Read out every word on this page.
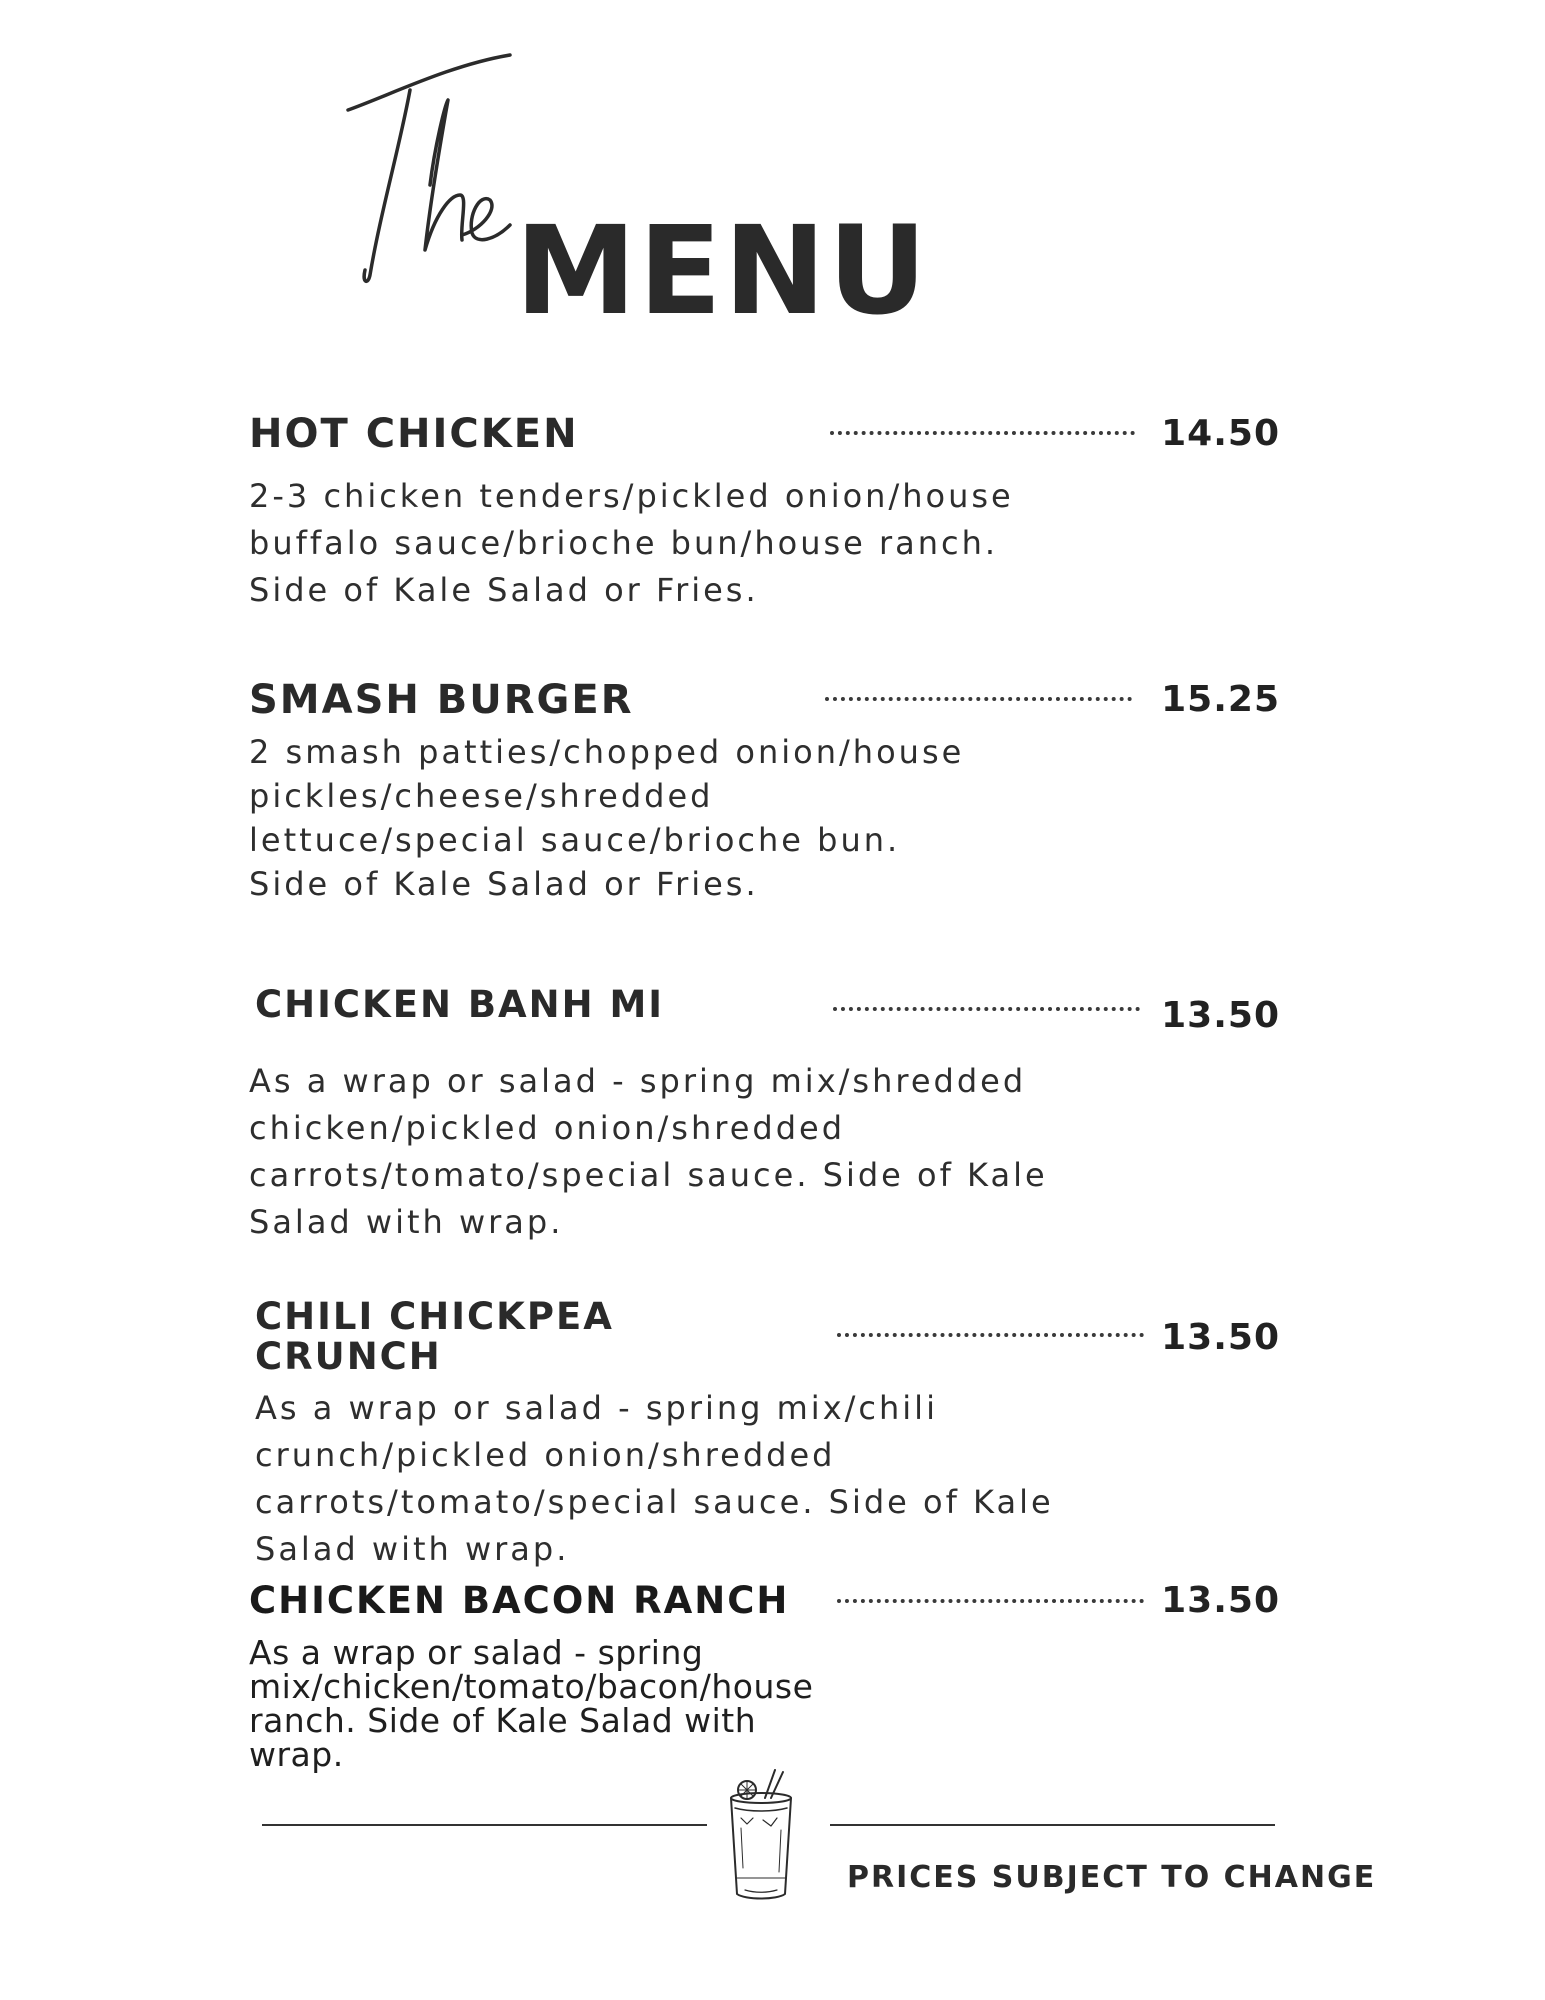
MENU
HOT CHICKEN	14.50
2-3 chicken tenders/pickled onion/house
buffalo sauce/brioche bun/house ranch.
Side of Kale Salad or Fries.
SMASH BURGER	15.25
2 smash patties/chopped onion/house
pickles/cheese/shredded
lettuce/special sauce/brioche bun.
Side of Kale Salad or Fries.
CHICKEN BANH MI	13.50
As a wrap or salad - spring mix/shredded
chicken/pickled onion/shredded
carrots/tomato/special sauce. Side of Kale
Salad with wrap.
CHILI CHICKPEA CRUNCH	13.50
As a wrap or salad - spring mix/chili
crunch/pickled onion/shredded
carrots/tomato/special sauce. Side of Kale
Salad with wrap.
CHICKEN BACON RANCH	13.50
As a wrap or salad - spring
mix/chicken/tomato/bacon/house
ranch. Side of Kale Salad with
wrap.
PRICES SUBJECT TO CHANGE
